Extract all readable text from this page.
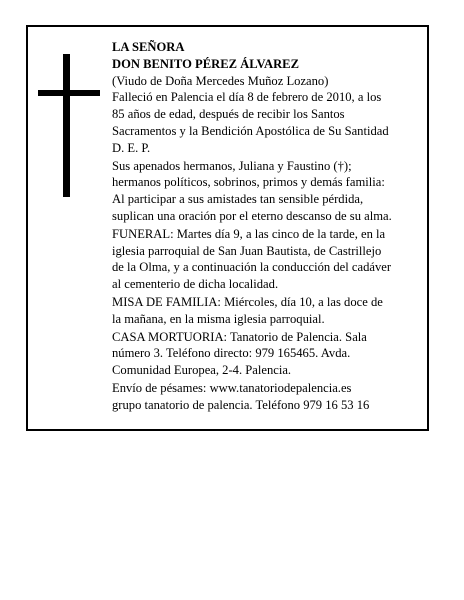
LA SEÑORA

DON BENITO PÉREZ ÁLVAREZ

(Viudo de Doña Mercedes Muñoz Lozano)

Falleció en Palencia el día 8 de febrero de 2010, a los
85 años de edad, después de recibir los Santos
Sacramentos y la Bendición Apostólica de Su Santidad
D. E. P.

Sus apenados hermanos, Juliana y Faustino (†);
hermanos políticos, sobrinos, primos y demás familia:
Al participar a sus amistades tan sensible pérdida,
suplican una oración por el eterno descanso de su alma.

FUNERAL: Martes día 9, a las cinco de la tarde, en la
iglesia parroquial de San Juan Bautista, de Castrillejo
de la Olma, y a continuación la conducción del cadáver
al cementerio de dicha localidad.

MISA DE FAMILIA: Miércoles, día 10, a las doce de
la mañana, en la misma iglesia parroquial.

CASA MORTUORIA: Tanatorio de Palencia. Sala
número 3. Teléfono directo: 979 165465. Avda.
Comunidad Europea, 2-4. Palencia.

Envío de pésames: www.tanatoriodepalencia.es
grupo tanatorio de palencia. Teléfono 979 16 53 16
